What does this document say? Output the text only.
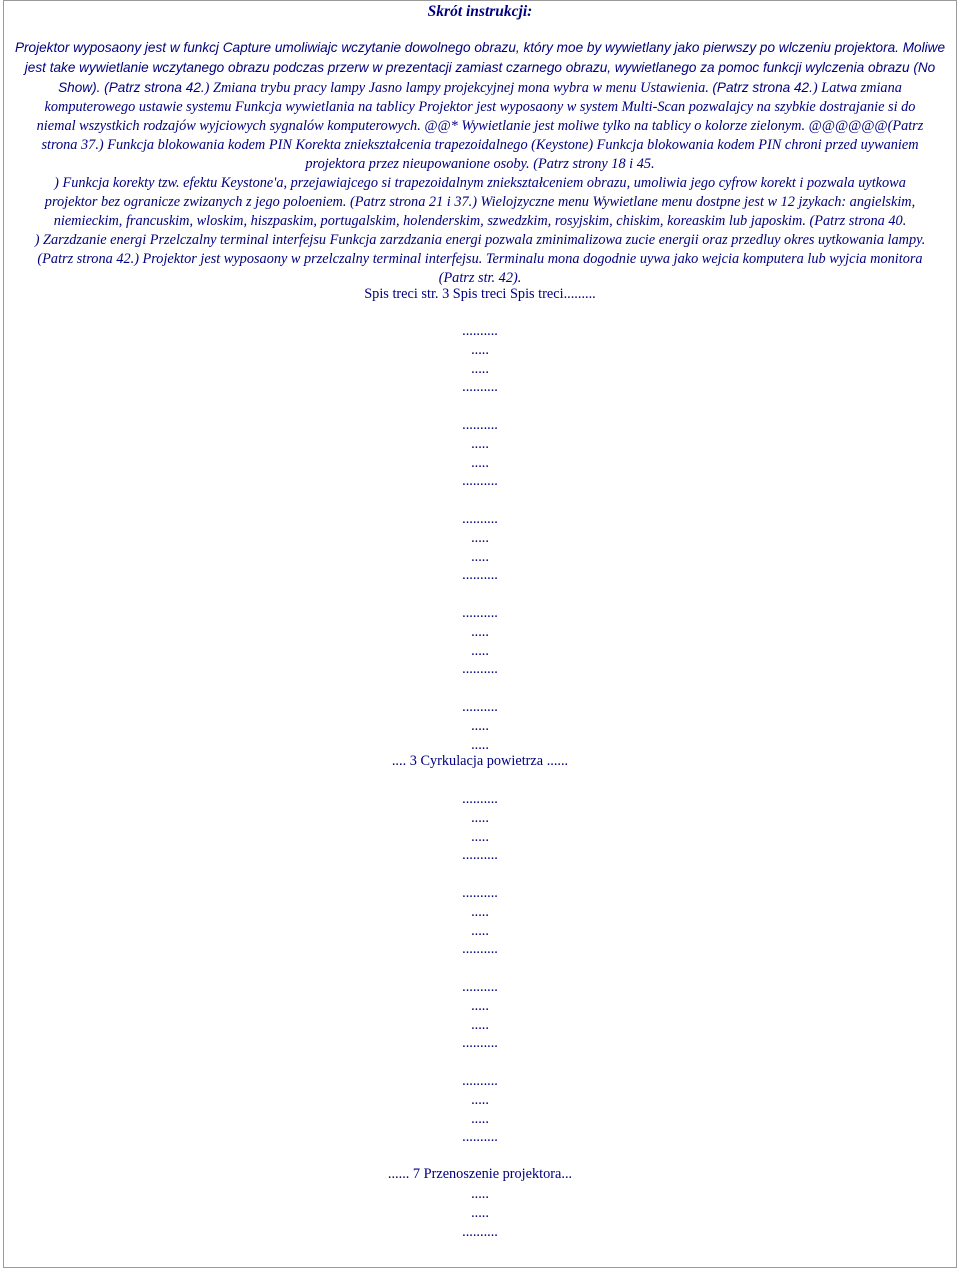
Skrót instrukcji:
Projektor wyposaony jest w funkcj Capture umoliwiajc wczytanie dowolnego obrazu, który moe by wywietlany jako pierwszy po wlczeniu projektora. Moliwe
jest take wywietlanie wczytanego obrazu podczas przerw w prezentacji zamiast czarnego obrazu, wywietlanego za pomoc funkcji wylczenia obrazu (No
Show). (Patrz strona 42.) Zmiana trybu pracy lampy Jasno lampy projekcyjnej mona wybra w menu Ustawienia. (Patrz strona 42.) Latwa zmiana
komputerowego ustawie systemu Funkcja wywietlania na tablicy Projektor jest wyposaony w system Multi-Scan pozwalajcy na szybkie dostrajanie si do
niemal wszystkich rodzajów wyjciowych sygnalów komputerowych. @@* Wywietlanie jest moliwe tylko na tablicy o kolorze zielonym. @@@@@@(Patrz
strona 37.) Funkcja blokowania kodem PIN Korekta zniekształcenia trapezoidalnego (Keystone) Funkcja blokowania kodem PIN chroni przed uywaniem
projektora przez nieupowanione osoby. (Patrz strony 18 i 45.
) Funkcja korekty tzw. efektu Keystone'a, przejawiajcego si trapezoidalnym zniekształceniem obrazu, umoliwia jego cyfrow korekt i pozwala uytkowa
projektor bez ogranicze zwizanych z jego poloeniem. (Patrz strona 21 i 37.) Wielojzyczne menu Wywietlane menu dostpne jest w 12 jzykach: angielskim,
niemieckim, francuskim, wloskim, hiszpaskim, portugalskim, holenderskim, szwedzkim, rosyjskim, chiskim, koreaskim lub japoskim. (Patrz strona 40.
) Zarzdzanie energi Przelczalny terminal interfejsu Funkcja zarzdzania energi pozwala zminimalizowa zucie energii oraz przedluy okres uytkowania lampy.
(Patrz strona 42.) Projektor jest wyposaony w przelczalny terminal interfejsu. Terminalu mona dogodnie uywa jako wejcia komputera lub wyjcia monitora
(Patrz str. 42).
Spis treci str. 3 Spis treci Spis treci.........
..........
.....
.....
..........
..........
.....
.....
..........
..........
.....
.....
..........
..........
.....
.....
..........
..........
.....
.....
.... 3 Cyrkulacja powietrza ......
..........
.....
.....
..........
..........
.....
.....
..........
..........
.....
.....
..........
..........
.....
.....
..........
...... 7 Przenoszenie projektora...
.....
.....
..........
